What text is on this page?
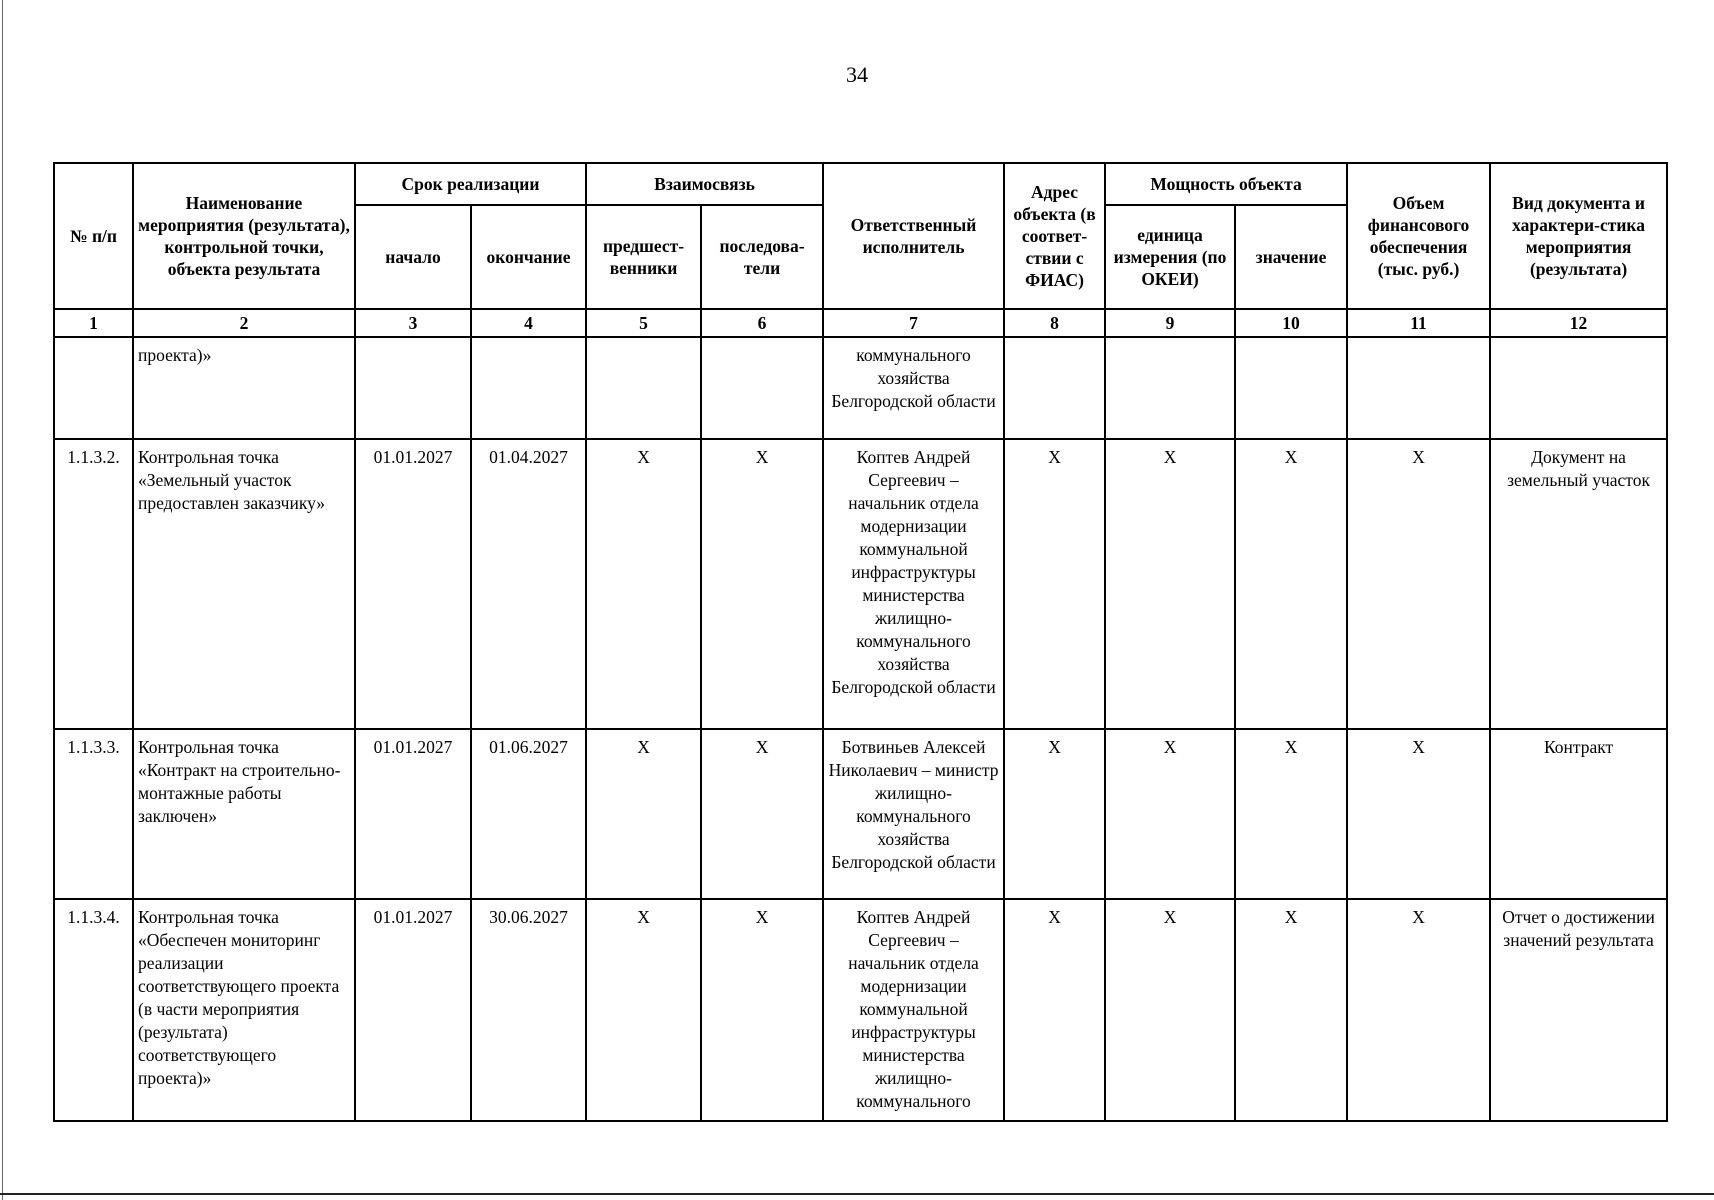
34
№ п/п	Наименование мероприятия (результата), контрольной точки, объекта результата	Срок реализации		Взаимосвязь		Ответственный исполнитель	Адрес объекта (в соответ-ствии с ФИАС)	Мощность объекта		Объем финансового обеспечения (тыс. руб.)	Вид документа и характери-стика мероприятия (результата)
		начало	окончание	предшест-венники	последова-тели			единица измерения (по ОКЕИ)	значение		
1	2	3	4	5	6	7	8	9	10	11	12
	проекта)»					коммунального хозяйства Белгородской области					
1.1.3.2.	Контрольная точка «Земельный участок предоставлен заказчику»	01.01.2027	01.04.2027	X	X	Коптев Андрей Сергеевич – начальник отдела модернизации коммунальной инфраструктуры министерства жилищно-коммунального хозяйства Белгородской области	X	X	X	X	Документ на земельный участок
1.1.3.3.	Контрольная точка «Контракт на строительно-монтажные работы заключен»	01.01.2027	01.06.2027	X	X	Ботвиньев Алексей Николаевич – министр жилищно-коммунального хозяйства Белгородской области	X	X	X	X	Контракт
1.1.3.4.	Контрольная точка «Обеспечен мониторинг реализации соответствующего проекта (в части мероприятия (результата) соответствующего проекта)»	01.01.2027	30.06.2027	X	X	Коптев Андрей Сергеевич – начальник отдела модернизации коммунальной инфраструктуры министерства жилищно-коммунального	X	X	X	X	Отчет о достижении значений результата
